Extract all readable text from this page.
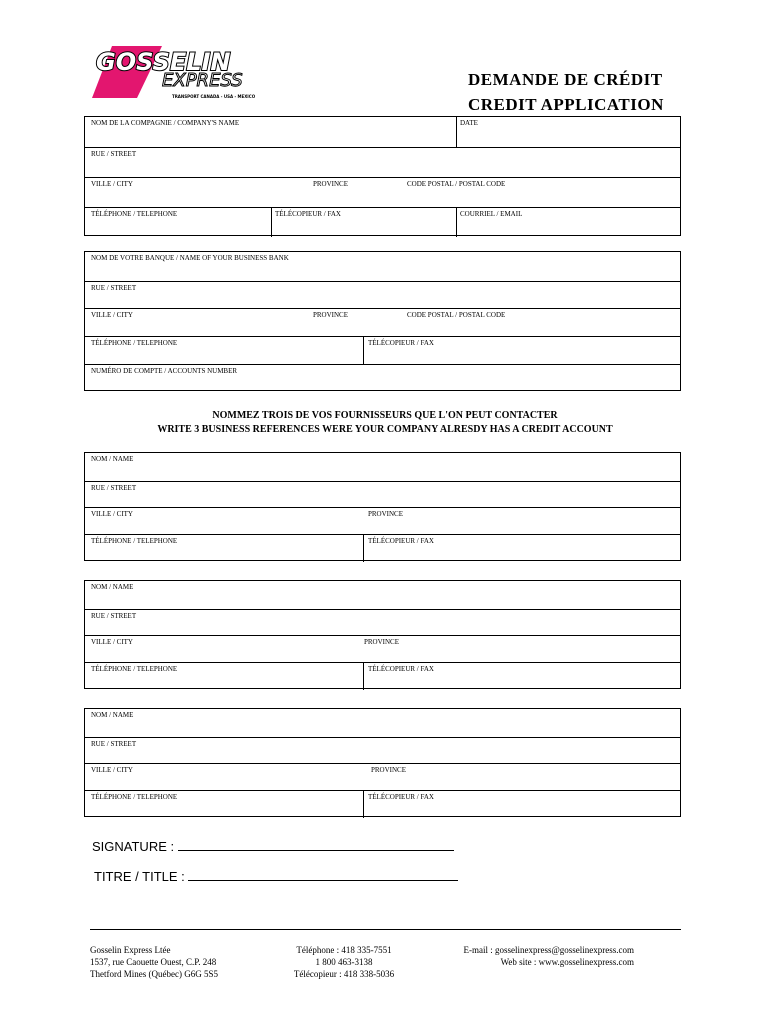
GOSSELIN
EXPRESS
TRANSPORT CANADA - USA - MEXICO
DEMANDE DE CRÉDIT
CREDIT APPLICATION
NOM DE LA COMPAGNIE / COMPANY'S NAME	DATE
RUE / STREET
VILLE / CITY	PROVINCE	CODE POSTAL / POSTAL CODE
TÉLÉPHONE / TELEPHONE	TÉLÉCOPIEUR / FAX	COURRIEL / EMAIL
NOM DE VOTRE BANQUE / NAME OF YOUR BUSINESS BANK
RUE / STREET
VILLE / CITY	PROVINCE	CODE POSTAL / POSTAL CODE
TÉLÉPHONE / TELEPHONE	TÉLÉCOPIEUR / FAX
NUMÉRO DE COMPTE / ACCOUNTS NUMBER
NOMMEZ TROIS DE VOS FOURNISSEURS QUE L'ON PEUT CONTACTER
WRITE 3 BUSINESS REFERENCES WERE YOUR COMPANY ALRESDY HAS A CREDIT ACCOUNT
NOM / NAME
RUE / STREET
VILLE / CITY	PROVINCE
TÉLÉPHONE / TELEPHONE	TÉLÉCOPIEUR / FAX
NOM / NAME
RUE / STREET
VILLE / CITY	PROVINCE
TÉLÉPHONE / TELEPHONE	TÉLÉCOPIEUR / FAX
NOM / NAME
RUE / STREET
VILLE / CITY	PROVINCE
TÉLÉPHONE / TELEPHONE	TÉLÉCOPIEUR / FAX
SIGNATURE :
TITRE / TITLE :
Gosselin Express Ltée
1537, rue Caouette Ouest, C.P. 248
Thetford Mines (Québec) G6G 5S5
Téléphone : 418 335-7551
1 800 463-3138
Télécopieur : 418 338-5036
E-mail : gosselinexpress@gosselinexpress.com
Web site : www.gosselinexpress.com
